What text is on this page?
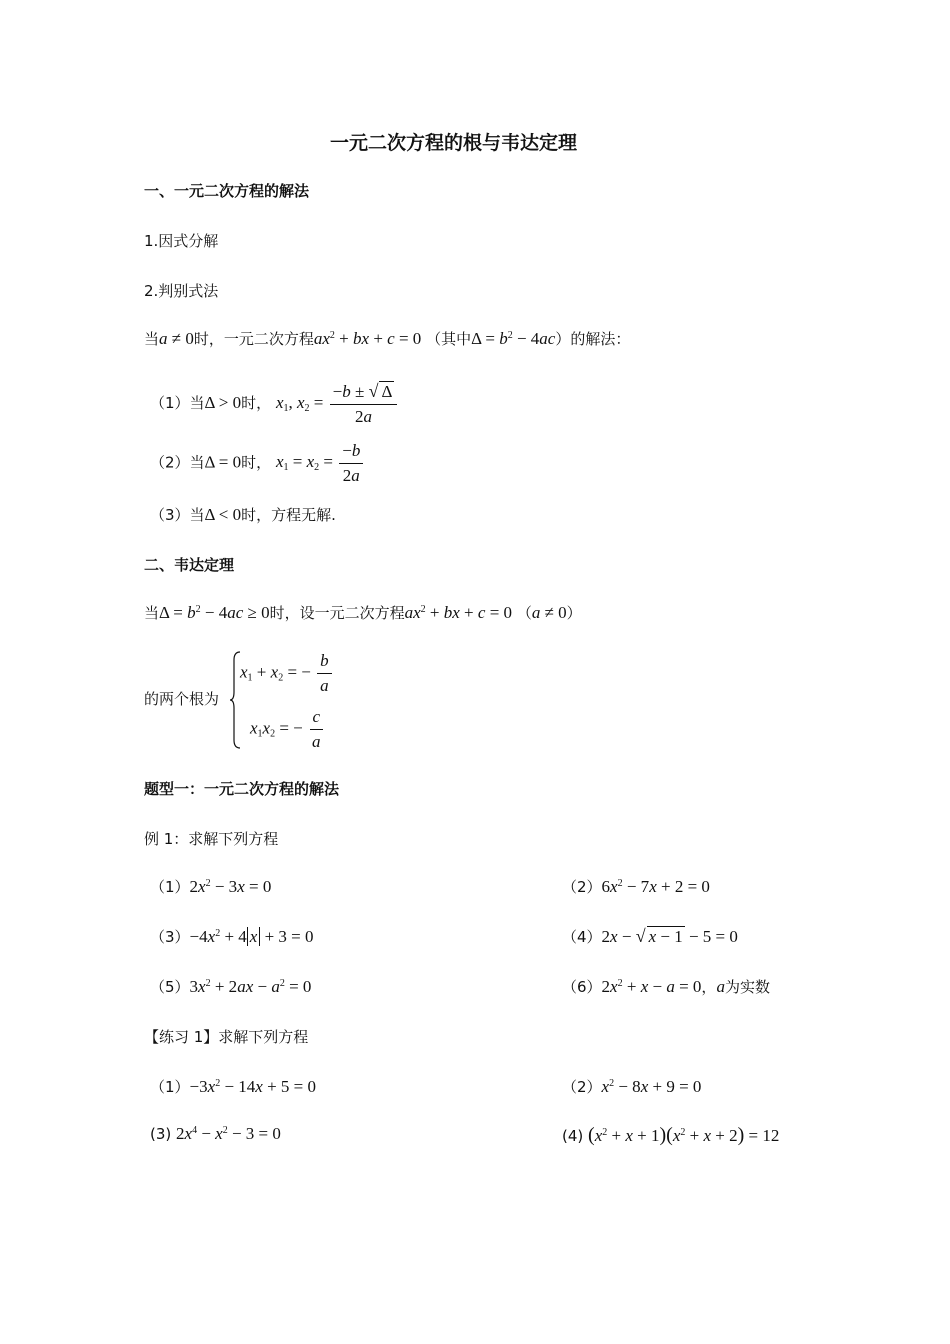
一元二次方程的根与韦达定理
一、一元二次方程的解法
1.因式分解
2.判别式法
当a ≠ 0时，一元二次方程$ax^2$ + bx + c = 0 （其中$\Delta = b^2 - 4ac$）的解法：
（1）当Δ > 0时， $x_1$, $x_2 = \frac{-b \pm √ \Delta}{2a}$
（2）当Δ = 0时， $x_1 = x_2 = \frac{-b}{2a}$
（3）当Δ < 0时，方程无解.
二、韦达定理
当$\Delta = b^2 - 4ac \ge 0$时，设一元二次方程$ax^2$ + bx + c = 0 （a ≠ 0）
的两个根为
$x_1 + x_2$ = − $\frac{b}{a}$
$x_1x_2$ = − $\frac{c}{a}$
题型一：一元二次方程的解法
例 1：求解下列方程
$(1)2x^2 - 3x = 0$	$(2)6x^2 - 7x + 2 = 0$
$(3)-4x^2 + 4$ x + 3 = 0	（4）2x − √ x − 1 − 5 = 0
$(5)3x^2 + 2ax - a^2 = 0$	$(6)2x^2 + x - a = 0$，a为实数
【练习 1】求解下列方程
$(1)-3x^2 - 14x + 5 = 0$	$(2)x^2 - 8x + 9 = 0$
(3) $2x^4 - x^2 - 3 = 0$	(4) $(x^2 + x + 1)(x^2 + x + 2) = 12$
